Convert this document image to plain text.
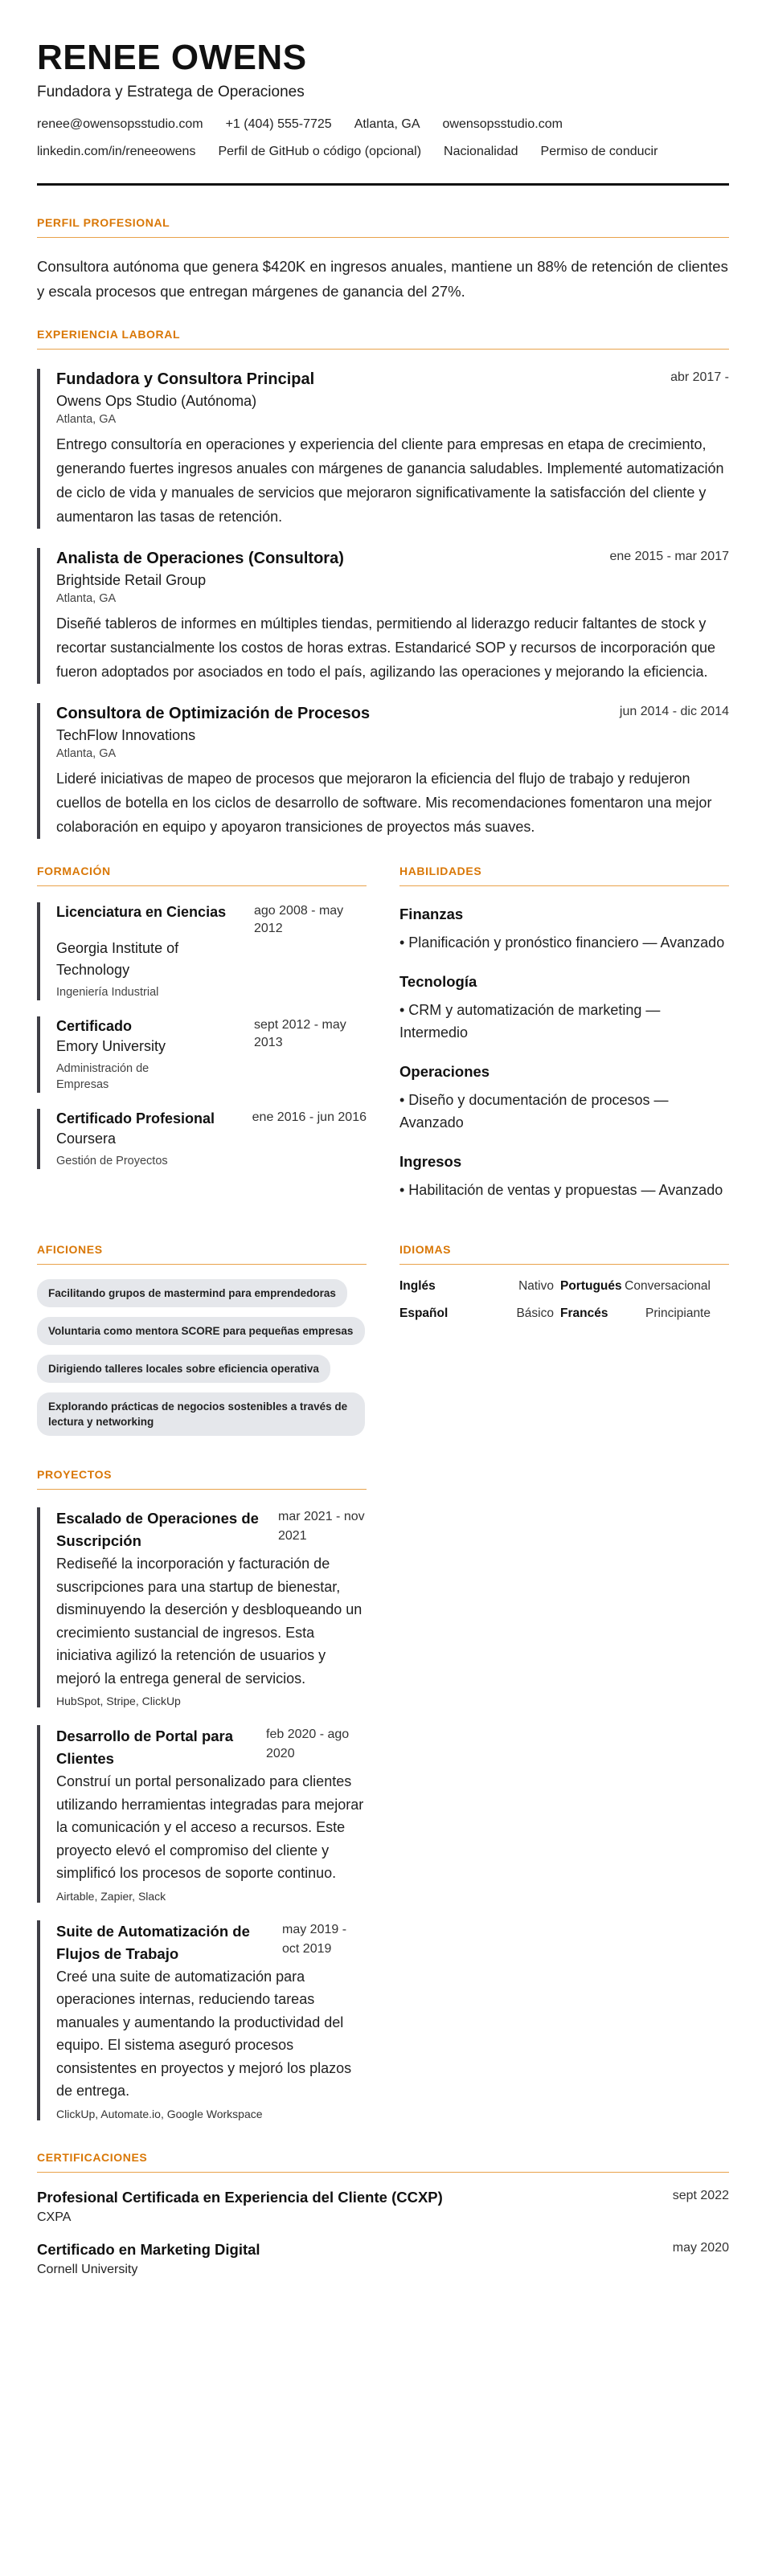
RENEE OWENS
Fundadora y Estratega de Operaciones
renee@owensopsstudio.com +1 (404) 555-7725 Atlanta, GA owensopsstudio.com
linkedin.com/in/reneeowens Perfil de GitHub o código (opcional) Nacionalidad Permiso de conducir
PERFIL PROFESIONAL
Consultora autónoma que genera $420K en ingresos anuales, mantiene un 88% de retención de clientes y escala procesos que entregan márgenes de ganancia del 27%.
EXPERIENCIA LABORAL
Fundadora y Consultora Principal	abr 2017 -
Owens Ops Studio (Autónoma)
Atlanta, GA
Entrego consultoría en operaciones y experiencia del cliente para empresas en etapa de crecimiento, generando fuertes ingresos anuales con márgenes de ganancia saludables. Implementé automatización de ciclo de vida y manuales de servicios que mejoraron significativamente la satisfacción del cliente y aumentaron las tasas de retención.
Analista de Operaciones (Consultora)	ene 2015 - mar 2017
Brightside Retail Group
Atlanta, GA
Diseñé tableros de informes en múltiples tiendas, permitiendo al liderazgo reducir faltantes de stock y recortar sustancialmente los costos de horas extras. Estandaricé SOP y recursos de incorporación que fueron adoptados por asociados en todo el país, agilizando las operaciones y mejorando la eficiencia.
Consultora de Optimización de Procesos	jun 2014 - dic 2014
TechFlow Innovations
Atlanta, GA
Lideré iniciativas de mapeo de procesos que mejoraron la eficiencia del flujo de trabajo y redujeron cuellos de botella en los ciclos de desarrollo de software. Mis recomendaciones fomentaron una mejor colaboración en equipo y apoyaron transiciones de proyectos más suaves.
FORMACIÓN
Licenciatura en Ciencias ago 2008 - may 2012
Georgia Institute of Technology
Ingeniería Industrial
Certificado	sept 2012 - may 2013
Emory University
Administración de Empresas
Certificado Profesional	ene 2016 - jun 2016
Coursera
Gestión de Proyectos
HABILIDADES
Finanzas
• Planificación y pronóstico financiero — Avanzado
Tecnología
• CRM y automatización de marketing — Intermedio
Operaciones
• Diseño y documentación de procesos — Avanzado
Ingresos
• Habilitación de ventas y propuestas — Avanzado
AFICIONES
Facilitando grupos de mastermind para emprendedoras
Voluntaria como mentora SCORE para pequeñas empresas
Dirigiendo talleres locales sobre eficiencia operativa
Explorando prácticas de negocios sostenibles a través de lectura y networking
IDIOMAS
Inglés	Nativo Portugués Conversacional
Español	Básico Francés	Principiante
PROYECTOS
Escalado de Operaciones de Suscripción
mar 2021 - nov 2021
Rediseñé la incorporación y facturación de suscripciones para una startup de bienestar, disminuyendo la deserción y desbloqueando un crecimiento sustancial de ingresos. Esta iniciativa agilizó la retención de usuarios y mejoró la entrega general de servicios.
HubSpot, Stripe, ClickUp
Desarrollo de Portal para Clientes
feb 2020 - ago 2020
Construí un portal personalizado para clientes utilizando herramientas integradas para mejorar la comunicación y el acceso a recursos. Este proyecto elevó el compromiso del cliente y simplificó los procesos de soporte continuo.
Airtable, Zapier, Slack
Suite de Automatización de Flujos de Trabajo
may 2019 - oct 2019
Creé una suite de automatización para operaciones internas, reduciendo tareas manuales y aumentando la productividad del equipo. El sistema aseguró procesos consistentes en proyectos y mejoró los plazos de entrega.
ClickUp, Automate.io, Google Workspace
CERTIFICACIONES
Profesional Certificada en Experiencia del Cliente (CCXP)
CXPA
sept 2022
Certificado en Marketing Digital
Cornell University
may 2020
